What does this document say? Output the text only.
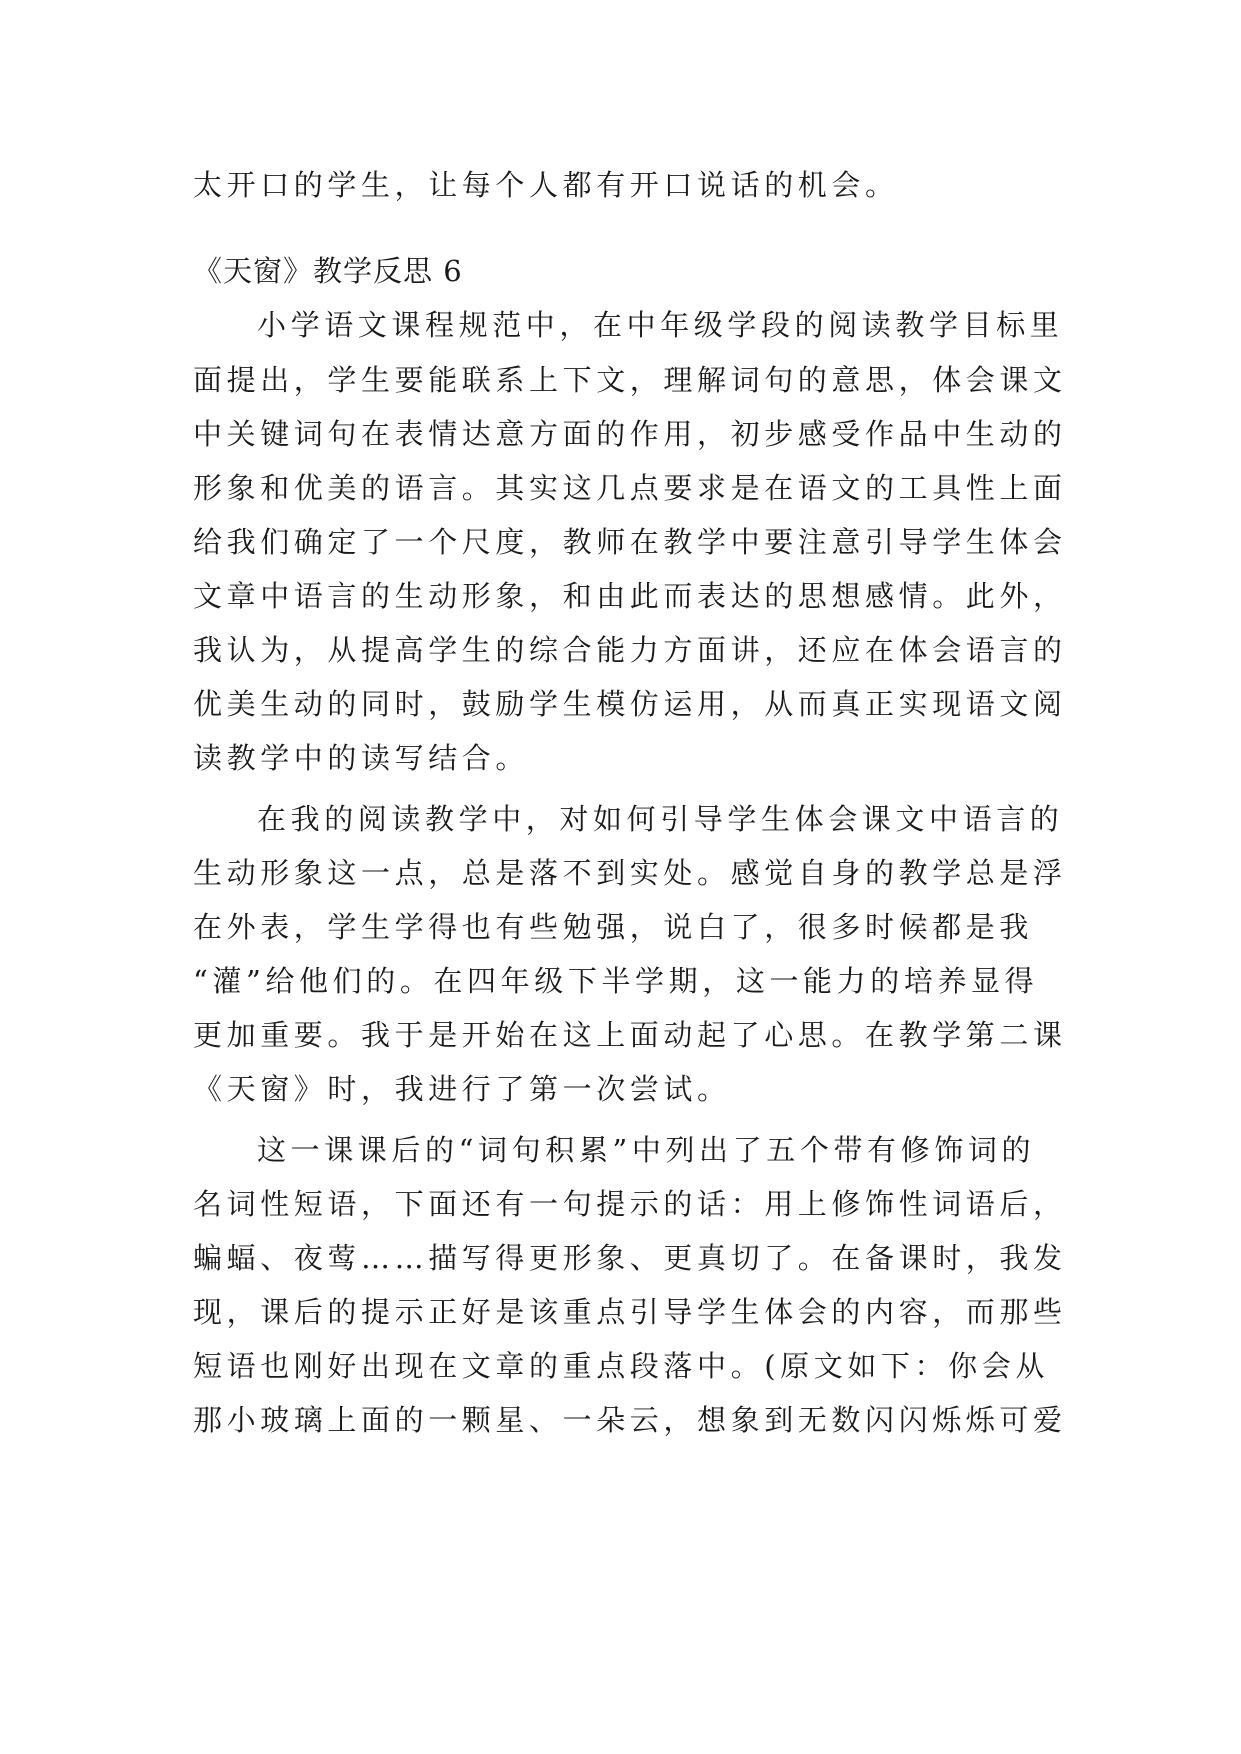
太开口的学生，让每个人都有开口说话的机会。
《天窗》教学反思 6
小学语文课程规范中，在中年级学段的阅读教学目标里
面提出，学生要能联系上下文，理解词句的意思，体会课文
中关键词句在表情达意方面的作用，初步感受作品中生动的
形象和优美的语言。其实这几点要求是在语文的工具性上面
给我们确定了一个尺度，教师在教学中要注意引导学生体会
文章中语言的生动形象，和由此而表达的思想感情。此外，
我认为，从提高学生的综合能力方面讲，还应在体会语言的
优美生动的同时，鼓励学生模仿运用，从而真正实现语文阅
读教学中的读写结合。
在我的阅读教学中，对如何引导学生体会课文中语言的
生动形象这一点，总是落不到实处。感觉自身的教学总是浮
在外表，学生学得也有些勉强，说白了，很多时候都是我
“灌”给他们的。在四年级下半学期，这一能力的培养显得
更加重要。我于是开始在这上面动起了心思。在教学第二课
《天窗》时，我进行了第一次尝试。
这一课课后的“词句积累”中列出了五个带有修饰词的
名词性短语，下面还有一句提示的话：用上修饰性词语后，
蝙蝠、夜莺……描写得更形象、更真切了。在备课时，我发
现，课后的提示正好是该重点引导学生体会的内容，而那些
短语也刚好出现在文章的重点段落中。(原文如下：你会从
那小玻璃上面的一颗星、一朵云，想象到无数闪闪烁烁可爱
